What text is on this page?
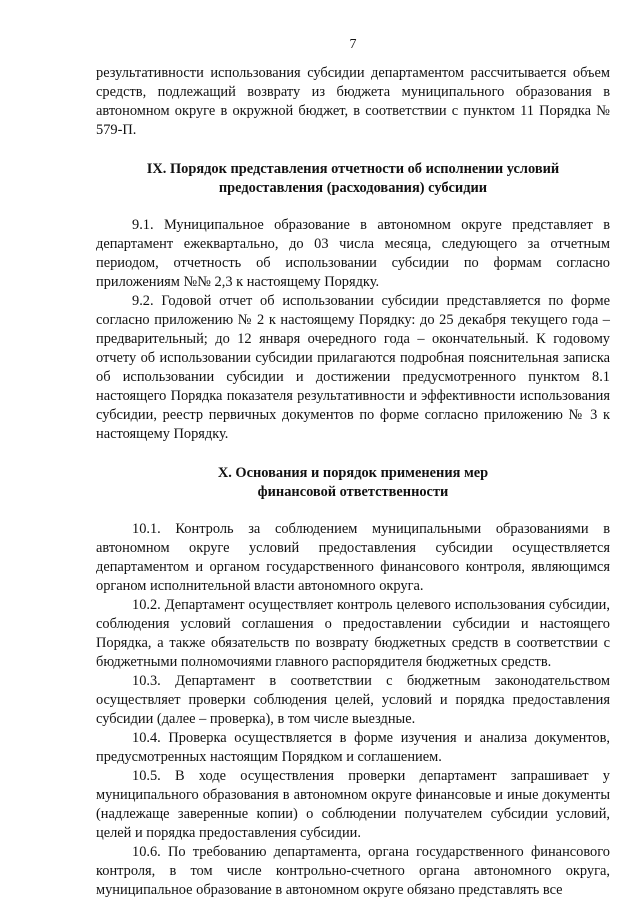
7

результативности использования субсидии департаментом рассчитывается объем средств, подлежащий возврату из бюджета муниципального образования в автономном округе в окружной бюджет, в соответствии с пунктом 11 Порядка № 579-П.

IX. Порядок представления отчетности об исполнении условий
предоставления (расходования) субсидии

9.1. Муниципальное образование в автономном округе представляет в департамент ежеквартально, до 03 числа месяца, следующего за отчетным периодом, отчетность об использовании субсидии по формам согласно приложениям №№ 2,3 к настоящему Порядку.

9.2. Годовой отчет об использовании субсидии представляется по форме согласно приложению № 2 к настоящему Порядку: до 25 декабря текущего года – предварительный; до 12 января очередного года – окончательный. К годовому отчету об использовании субсидии прилагаются подробная пояснительная записка об использовании субсидии и достижении предусмотренного пунктом 8.1 настоящего Порядка показателя результативности и эффективности использования субсидии, реестр первичных документов по форме согласно приложению № 3 к настоящему Порядку.

X. Основания и порядок применения мер
финансовой ответственности

10.1. Контроль за соблюдением муниципальными образованиями в автономном округе условий предоставления субсидии осуществляется департаментом и органом государственного финансового контроля, являющимся органом исполнительной власти автономного округа.

10.2. Департамент осуществляет контроль целевого использования субсидии, соблюдения условий соглашения о предоставлении субсидии и настоящего Порядка, а также обязательств по возврату бюджетных средств в соответствии с бюджетными полномочиями главного распорядителя бюджетных средств.

10.3. Департамент в соответствии с бюджетным законодательством осуществляет проверки соблюдения целей, условий и порядка предоставления субсидии (далее – проверка), в том числе выездные.

10.4. Проверка осуществляется в форме изучения и анализа документов, предусмотренных настоящим Порядком и соглашением.

10.5. В ходе осуществления проверки департамент запрашивает у муниципального образования в автономном округе финансовые и иные документы (надлежаще заверенные копии) о соблюдении получателем субсидии условий, целей и порядка предоставления субсидии.

10.6. По требованию департамента, органа государственного финансового контроля, в том числе контрольно-счетного органа автономного округа, муниципальное образование в автономном округе обязано представлять все
